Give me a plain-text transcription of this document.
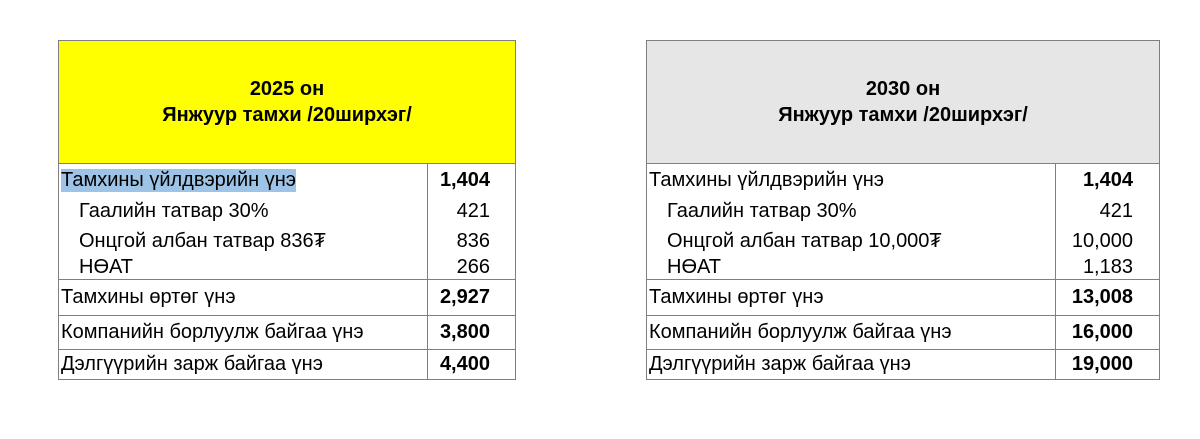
2025 он
Янжуур тамхи /20ширхэг/
Тамхины үйлдвэрийн үнэ	1,404
Гаалийн татвар 30%	421
Онцгой албан татвар 836₮	836
НӨАТ	266
Тамхины өртөг үнэ	2,927
Компанийн борлуулж байгаа үнэ	3,800
Дэлгүүрийн зарж байгаа үнэ	4,400
2030 он
Янжуур тамхи /20ширхэг/
Тамхины үйлдвэрийн үнэ	1,404
Гаалийн татвар 30%	421
Онцгой албан татвар 10,000₮	10,000
НӨАТ	1,183
Тамхины өртөг үнэ	13,008
Компанийн борлуулж байгаа үнэ	16,000
Дэлгүүрийн зарж байгаа үнэ	19,000
